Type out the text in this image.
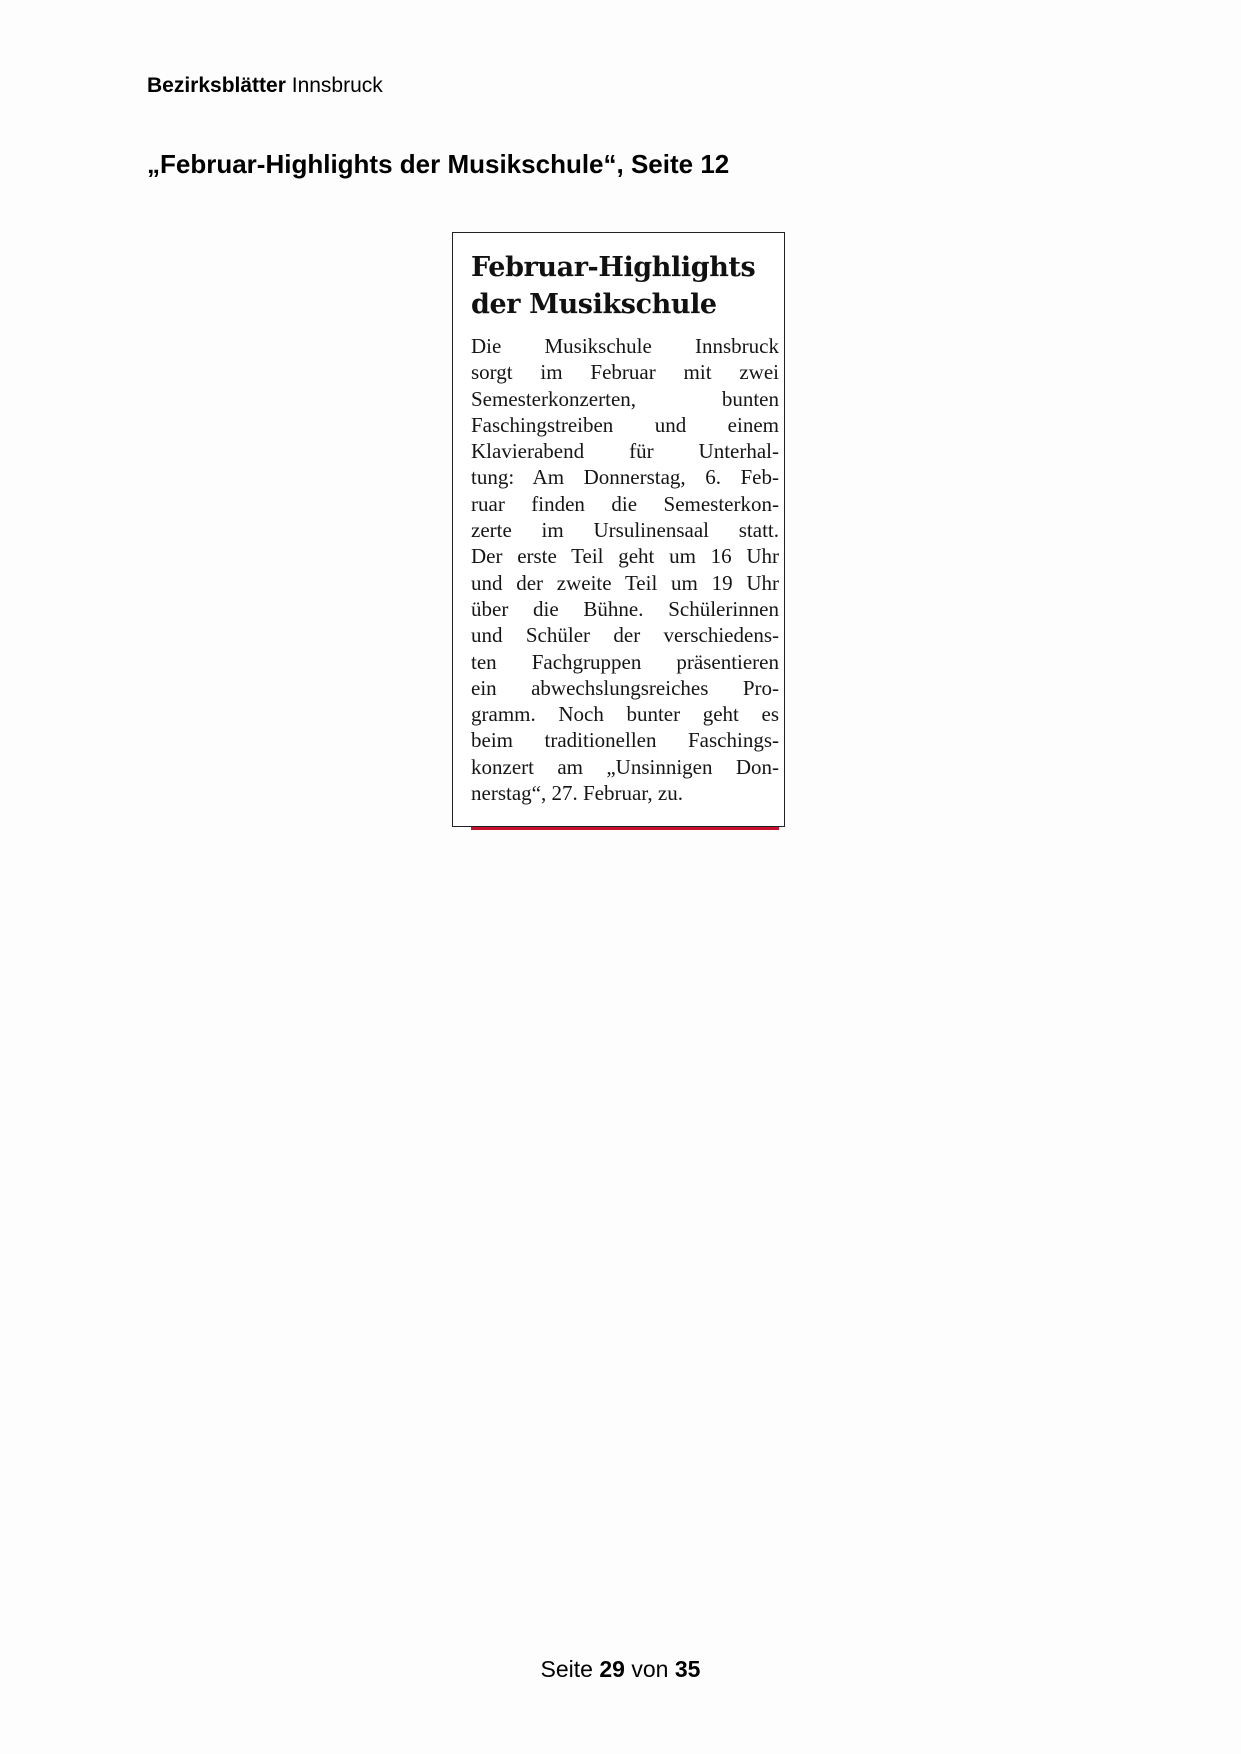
Bezirksblätter Innsbruck
„Februar-Highlights der Musikschule“, Seite 12
Februar-Highlights
der Musikschule
Die Musikschule Innsbruck
sorgt im Februar mit zwei
Semesterkonzerten, bunten
Faschingstreiben und einem
Klavierabend für Unterhal-
tung: Am Donnerstag, 6. Feb-
ruar finden die Semesterkon-
zerte im Ursulinensaal statt.
Der erste Teil geht um 16 Uhr
und der zweite Teil um 19 Uhr
über die Bühne. Schülerinnen
und Schüler der verschiedens-
ten Fachgruppen präsentieren
ein abwechslungsreiches Pro-
gramm. Noch bunter geht es
beim traditionellen Faschings-
konzert am „Unsinnigen Don-
nerstag“, 27. Februar, zu.
Seite 29 von 35
